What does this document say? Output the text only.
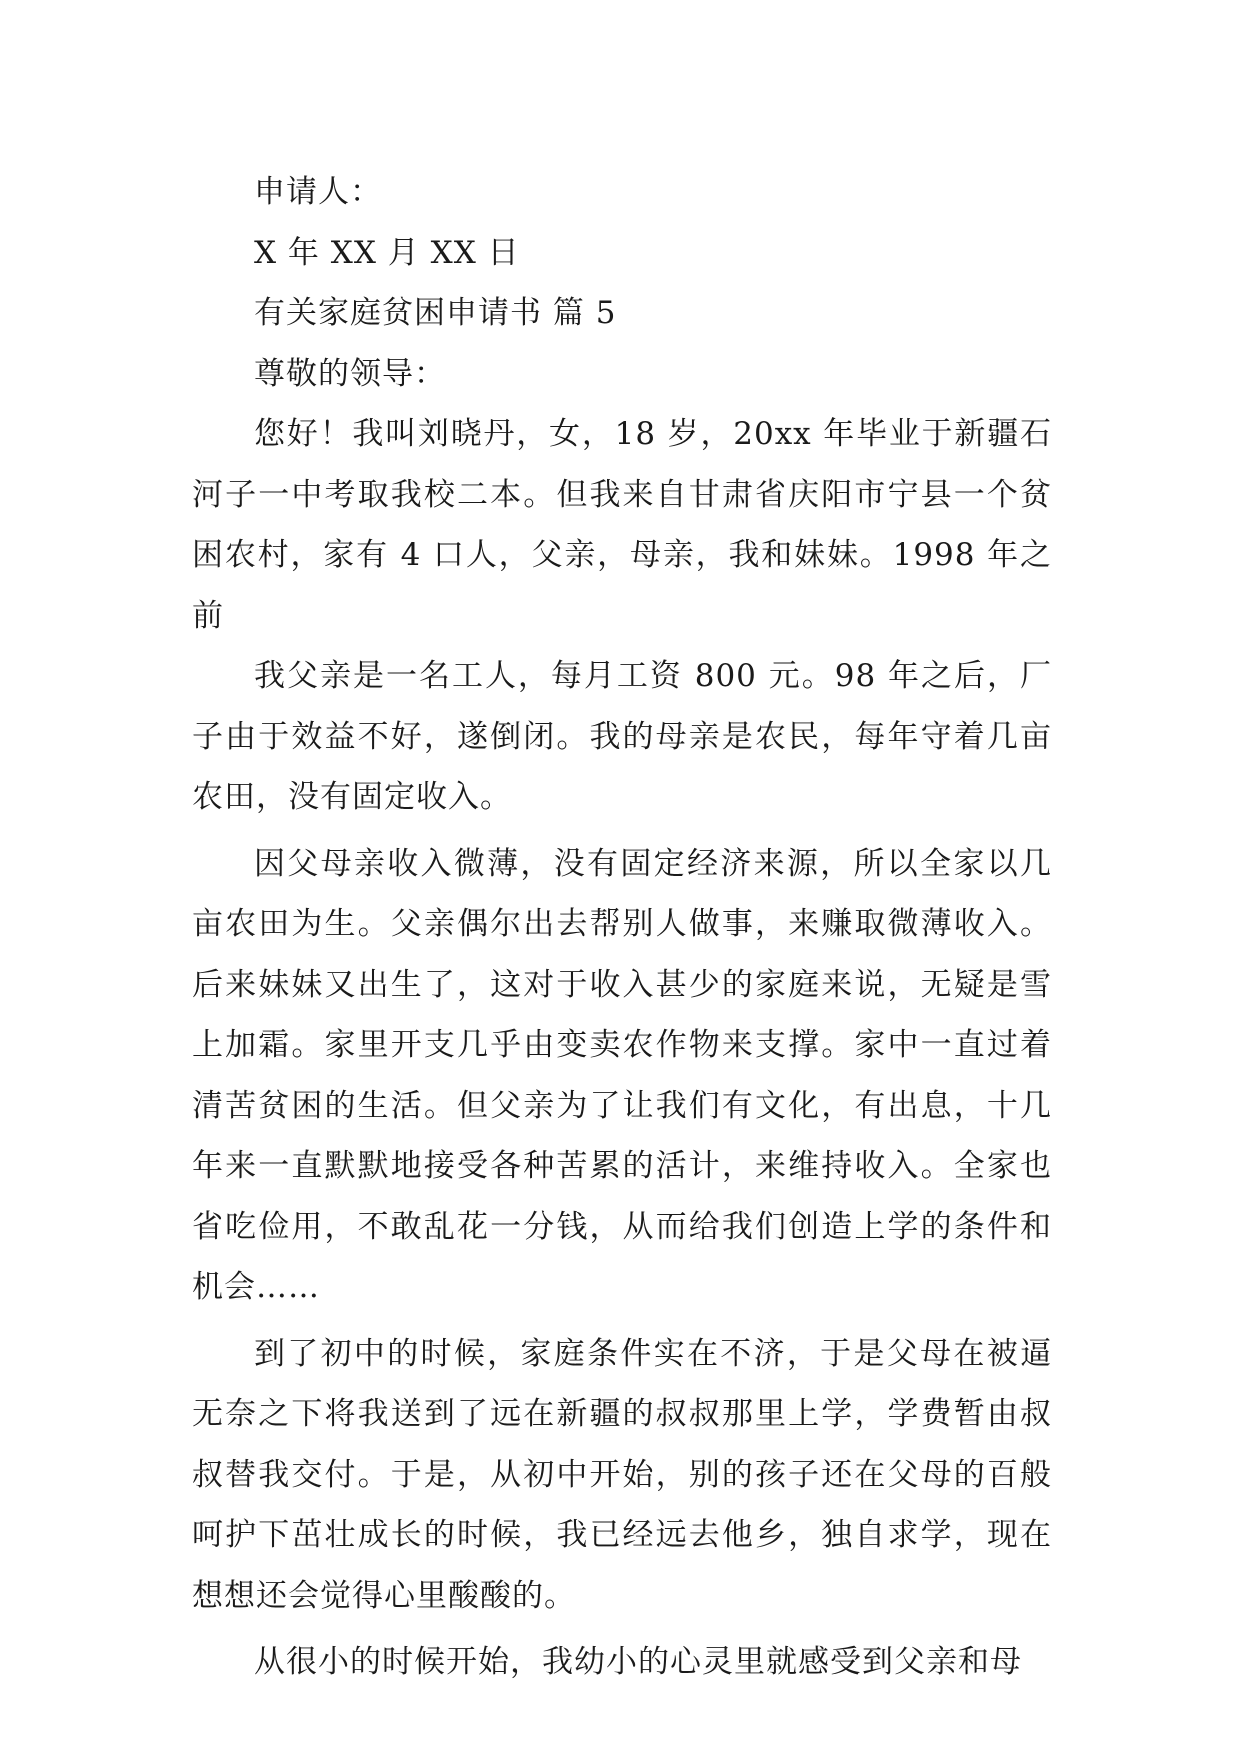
申请人：
X 年 XX 月 XX 日
有关家庭贫困申请书 篇 5
尊敬的领导：

您好！我叫刘晓丹，女，18 岁，20xx 年毕业于新疆石河子一中考取我校二本。但我来自甘肃省庆阳市宁县一个贫困农村，家有 4 口人，父亲，母亲，我和妹妹。1998 年之前

我父亲是一名工人，每月工资 800 元。98 年之后，厂子由于效益不好，遂倒闭。我的母亲是农民，每年守着几亩农田，没有固定收入。

因父母亲收入微薄，没有固定经济来源，所以全家以几亩农田为生。父亲偶尔出去帮别人做事，来赚取微薄收入。后来妹妹又出生了，这对于收入甚少的家庭来说，无疑是雪上加霜。家里开支几乎由变卖农作物来支撑。家中一直过着清苦贫困的生活。但父亲为了让我们有文化，有出息，十几年来一直默默地接受各种苦累的活计，来维持收入。全家也省吃俭用，不敢乱花一分钱，从而给我们创造上学的条件和机会……

到了初中的时候，家庭条件实在不济，于是父母在被逼无奈之下将我送到了远在新疆的叔叔那里上学，学费暂由叔叔替我交付。于是，从初中开始，别的孩子还在父母的百般呵护下茁壮成长的时候，我已经远去他乡，独自求学，现在想想还会觉得心里酸酸的。

从很小的时候开始，我幼小的心灵里就感受到父亲和母
